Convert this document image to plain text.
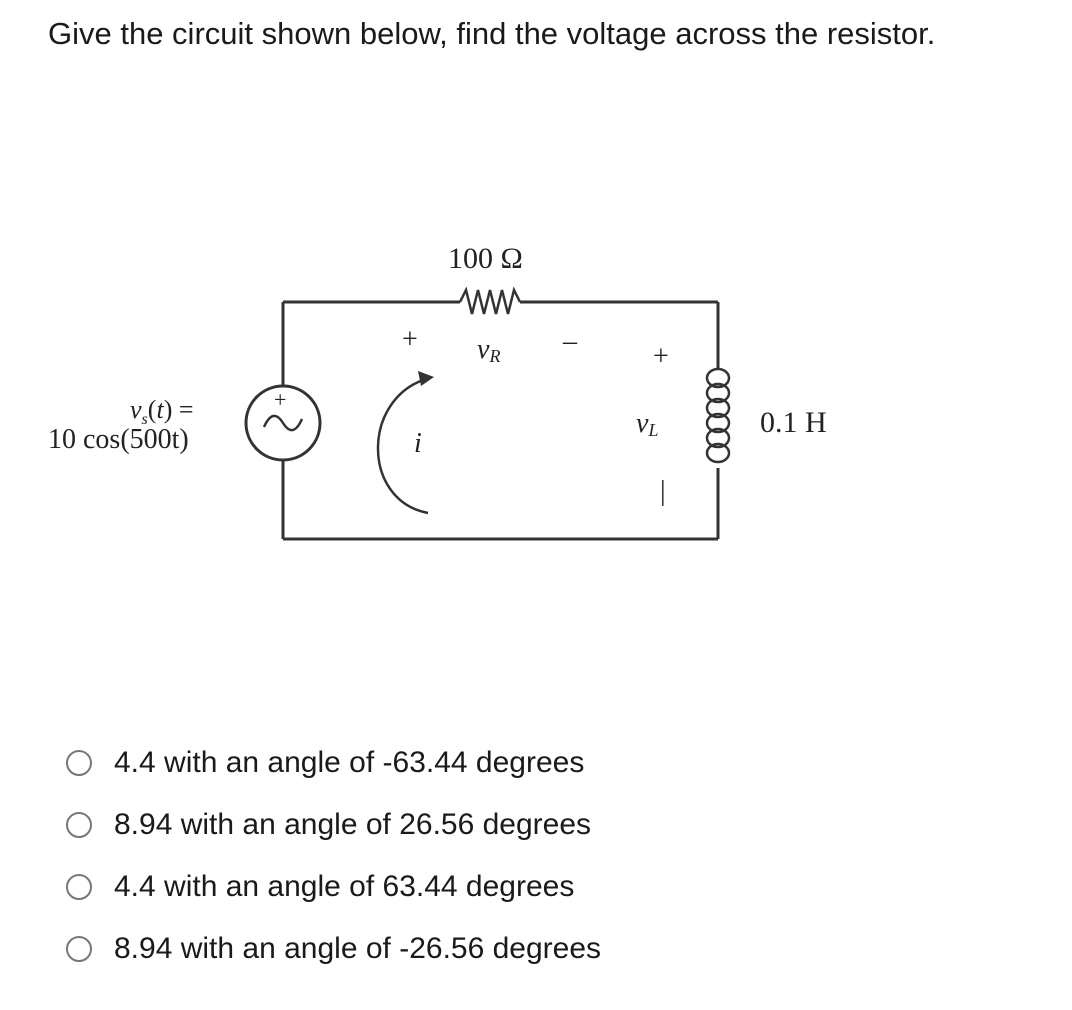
Give the circuit shown below, find the voltage across the resistor.
100 Ω
+ vR –
+
$v_s(t)$ =
10 cos(500t)	i
+
vL
|
0.1 H
4.4 with an angle of -63.44 degrees
8.94 with an angle of 26.56 degrees
4.4 with an angle of 63.44 degrees
8.94 with an angle of -26.56 degrees
